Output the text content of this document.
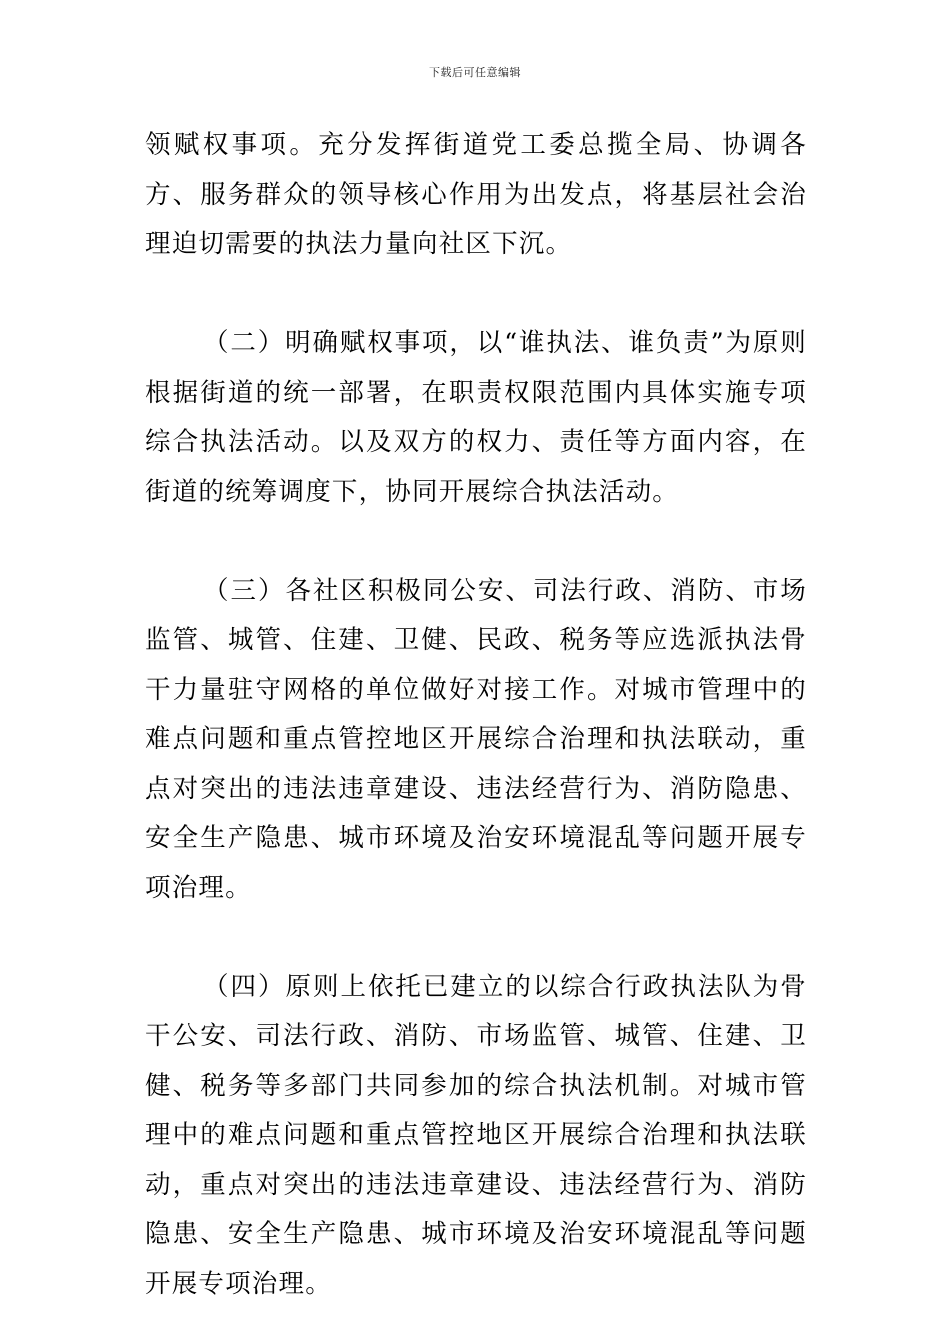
下载后可任意编辑

领赋权事项。充分发挥街道党工委总揽全局、协调各方、服务群众的领导核心作用为出发点，将基层社会治理迫切需要的执法力量向社区下沉。

（二）明确赋权事项，以“谁执法、谁负责”为原则根据街道的统一部署，在职责权限范围内具体实施专项综合执法活动。以及双方的权力、责任等方面内容，在街道的统筹调度下，协同开展综合执法活动。

（三）各社区积极同公安、司法行政、消防、市场监管、城管、住建、卫健、民政、税务等应选派执法骨干力量驻守网格的单位做好对接工作。对城市管理中的难点问题和重点管控地区开展综合治理和执法联动，重点对突出的违法违章建设、违法经营行为、消防隐患、安全生产隐患、城市环境及治安环境混乱等问题开展专项治理。

（四）原则上依托已建立的以综合行政执法队为骨干公安、司法行政、消防、市场监管、城管、住建、卫健、税务等多部门共同参加的综合执法机制。对城市管理中的难点问题和重点管控地区开展综合治理和执法联动，重点对突出的违法违章建设、违法经营行为、消防隐患、安全生产隐患、城市环境及治安环境混乱等问题开展专项治理。
